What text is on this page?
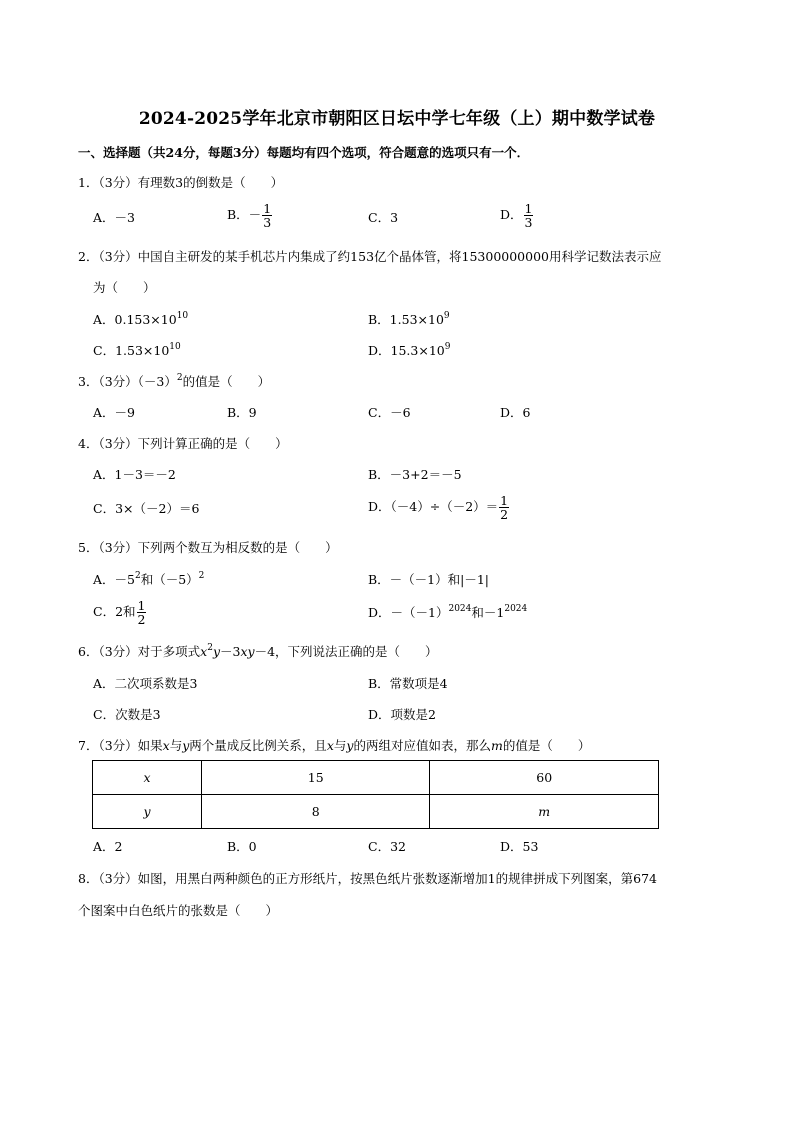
2024-2025学年北京市朝阳区日坛中学七年级（上）期中数学试卷
一、选择题（共24分，每题3分）每题均有四个选项，符合题意的选项只有一个．
1．（3分）有理数3的倒数是（　　）
A．－3	B．－ $\frac{1}{3}$	C．3	D． $\frac{1}{3}$
2．（3分）中国自主研发的某手机芯片内集成了约153亿个晶体管，将15300000000用科学记数法表示应
为（　　）
A．$0.153\times 10^{10}$	B．$1.53\times 10^9$
C．$1.53\times 10^{10}$	D．$15.3\times 10^9$
3．（3分）$(-3)^2$的值是（　　）
A．－9	B．9	C．－6	D．6
4．（3分）下列计算正确的是（　　）
A．1－3＝－2	B．－3+2＝－5
C．3×（－2）＝6	D．$(-4)\div(-2)= \frac{1}{2}$
5．（3分）下列两个数互为相反数的是（　　）
A．$-5^2$和$(-5)^2$	B．－（－1）和|－1|
C．2和 $\frac{1}{2}$	D．$-(-1)^{2024}$和$-1^{2024}$
6．（3分）对于多项式$x^2y-3xy-4$，下列说法正确的是（　　）
A．二次项系数是3	B．常数项是4
C．次数是3	D．项数是2
7．（3分）如果x与y两个量成反比例关系，且x与y的两组对应值如表，那么m的值是（　　）
x	15	60
y	8	m
A．2	B．0	C．32	D．53
8．（3分）如图，用黑白两种颜色的正方形纸片，按黑色纸片张数逐渐增加1的规律拼成下列图案，第674
个图案中白色纸片的张数是（　　）
